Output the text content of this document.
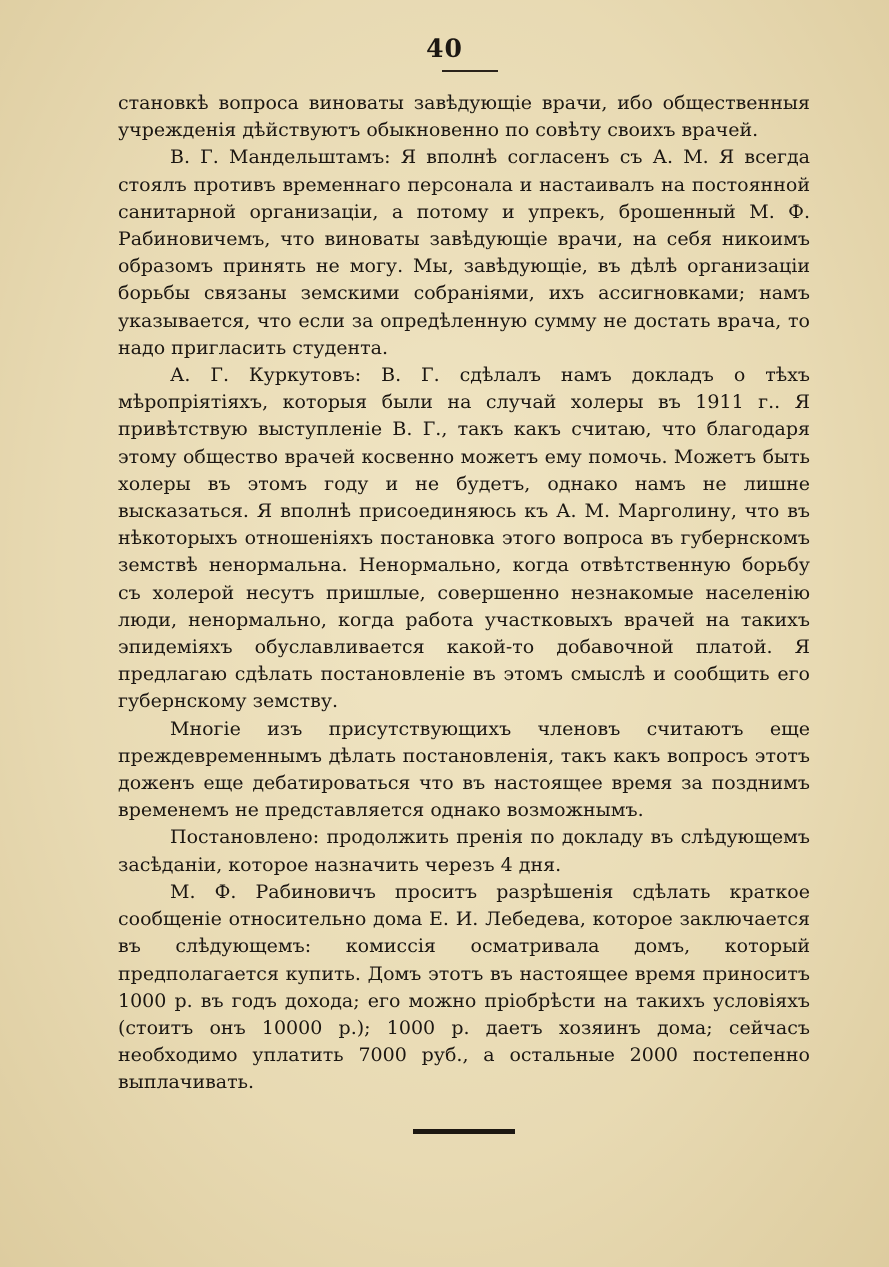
40

становкѣ вопроса виноваты завѣдующіе врачи, ибо общественныя учрежденія дѣйствуютъ обыкновенно по совѣту своихъ врачей.

В. Г. Мандельштамъ: Я вполнѣ согласенъ съ А. М. Я всегда стоялъ противъ временнаго персонала и настаивалъ на постоянной санитарной организаціи, а потому и упрекъ, брошенный М. Ф. Рабиновичемъ, что виноваты завѣдующіе врачи, на себя никоимъ образомъ принять не могу. Мы, завѣдующіе, въ дѣлѣ организаціи борьбы связаны земскими собраніями, ихъ ассигновками; намъ указывается, что если за опредѣленную сумму не достать врача, то надо пригласить студента.

А. Г. Куркутовъ: В. Г. сдѣлалъ намъ докладъ о тѣхъ мѣропріятіяхъ, которыя были на случай холеры въ 1911 г.. Я привѣтствую выступленіе В. Г., такъ какъ считаю, что благодаря этому общество врачей косвенно можетъ ему помочь. Можетъ быть холеры въ этомъ году и не будетъ, однако намъ не лишне высказаться. Я вполнѣ присоединяюсь къ А. М. Марголину, что въ нѣкоторыхъ отношеніяхъ постановка этого вопроса въ губернскомъ земствѣ ненормальна. Ненормально, когда отвѣтственную борьбу съ холерой несутъ пришлые, совершенно незнакомые населенію люди, ненормально, когда работа участковыхъ врачей на такихъ эпидеміяхъ обуславливается какой-то добавочной платой. Я предлагаю сдѣлать постановленіе въ этомъ смыслѣ и сообщить его губернскому земству.

Многіе изъ присутствующихъ членовъ считаютъ еще преждевременнымъ дѣлать постановленія, такъ какъ вопросъ этотъ доженъ еще дебатироваться что въ настоящее время за позднимъ временемъ не представляется однако возможнымъ.

Постановлено: продолжить пренія по докладу въ слѣдующемъ засѣданіи, которое назначить черезъ 4 дня.

М. Ф. Рабиновичъ проситъ разрѣшенія сдѣлать краткое сообщеніе относительно дома Е. И. Лебедева, которое заключается въ слѣдующемъ: комиссія осматривала домъ, который предполагается купить. Домъ этотъ въ настоящее время приноситъ 1000 р. въ годъ дохода; его можно пріобрѣсти на такихъ условіяхъ (стоитъ онъ 10000 р.); 1000 р. даетъ хозяинъ дома; сейчасъ необходимо уплатить 7000 руб., а остальные 2000 постепенно выплачивать.
